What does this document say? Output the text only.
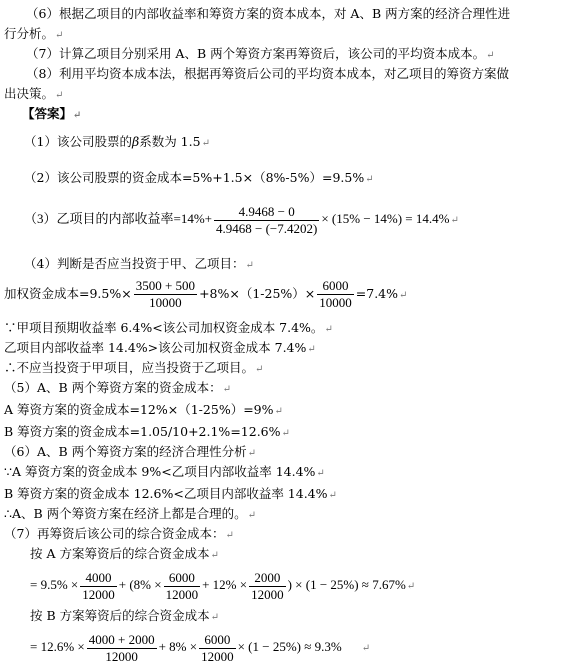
（6）根据乙项目的内部收益率和筹资方案的资本成本，对 A、B 两方案的经济合理性进
行分析。↵
（7）计算乙项目分别采用 A、B 两个筹资方案再筹资后，该公司的平均资本成本。↵
（8）利用平均资本成本法，根据再筹资后公司的平均资本成本，对乙项目的筹资方案做
出决策。↵
【答案】↵
（1）该公司股票的β系数为 1.5↵
（2）该公司股票的资金成本=5%+1.5×（8%-5%）=9.5%↵
（3）乙项目的内部收益率$=14\%+ \frac{4.9468 - 0}{4.9468 - (-7.4202)} \times (15\% - 14\%)$ = 14.4%↵
（4）判断是否应当投资于甲、乙项目：↵
加权资金成本$=9.5\%\times \frac{3500 + 500}{10000} +8\%\times(1-25\%)\times \frac{6000}{10000}$ =7.4%↵
∵甲项目预期收益率 6.4%<该公司加权资金成本 7.4%。↵
乙项目内部收益率 14.4%>该公司加权资金成本 7.4%↵
∴不应当投资于甲项目，应当投资于乙项目。↵
（5）A、B 两个筹资方案的资金成本：↵
A 筹资方案的资金成本=12%×（1-25%）=9%↵
B 筹资方案的资金成本=1.05/10+2.1%=12.6%↵
（6）A、B 两个筹资方案的经济合理性分析↵
∵A 筹资方案的资金成本 9%<乙项目内部收益率 14.4%↵
B 筹资方案的资金成本 12.6%<乙项目内部收益率 14.4%↵
∴A、B 两个筹资方案在经济上都是合理的。↵
（7）再筹资后该公司的综合资金成本：↵
按 A 方案筹资后的综合资金成本↵
= $9.5\% \times \frac{4000}{12000} + (8\% \times \frac{6000}{12000} + 12\% \times \frac{2000}{12000}$ ) × (1 − 25%) ≈ 7.67%↵
按 B 方案筹资后的综合资金成本↵
= $12.6\% \times \frac{4000 + 2000}{12000} + 8\% \times \frac{6000}{12000} \times (1 - 25\%) \approx 9.3\%$ ↵
